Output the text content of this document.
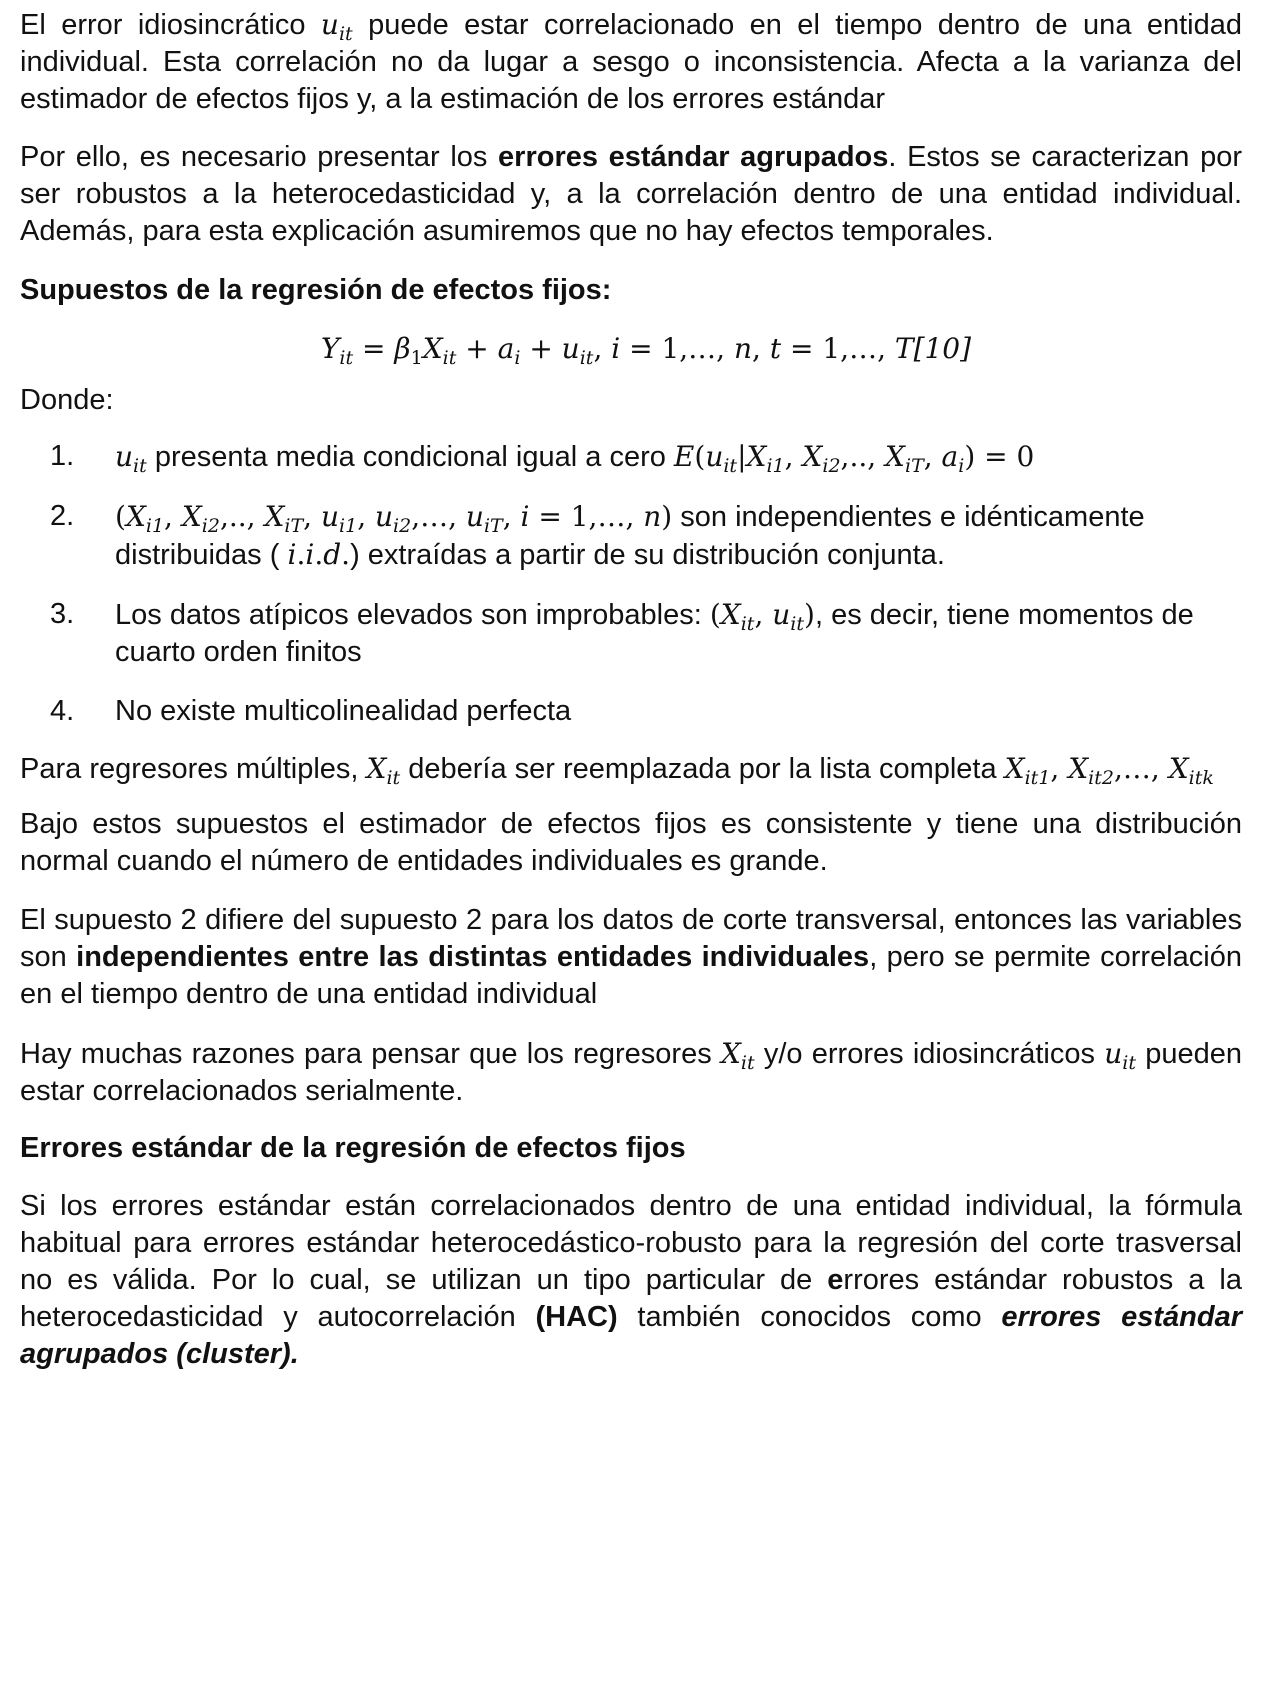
El error idiosincrático $u_{it}$ puede estar correlacionado en el tiempo dentro de una entidad individual. Esta correlación no da lugar a sesgo o inconsistencia. Afecta a la varianza del estimador de efectos fijos y, a la estimación de los errores estándar

Por ello, es necesario presentar los errores estándar agrupados. Estos se caracterizan por ser robustos a la heterocedasticidad y, a la correlación dentro de una entidad individual. Además, para esta explicación asumiremos que no hay efectos temporales.

Supuestos de la regresión de efectos fijos:

$Y_{it} = \beta_1X_{it} + a_i + u_{it}$, i = 1,…, n, t = 1,…, T[10]

Donde:

1. $u_{it}$ presenta media condicional igual a cero $E(u_{it}|X_{i1}$, $X_{i2}$,.., $X_{iT}$, $a_i) = 0$
2. ($X_{i1}$, $X_{i2}$,.., $X_{iT}$, $u_{i1}$, $u_{i2},\dots$, $u_{iT}$, i = 1,…, n) son independientes e idénticamente distribuidas ( i.i.d.) extraídas a partir de su distribución conjunta.
3. Los datos atípicos elevados son improbables: ($X_{it}$, $u_{it}$), es decir, tiene momentos de cuarto orden finitos
4. No existe multicolinealidad perfecta

Para regresores múltiples, $X_{it}$ debería ser reemplazada por la lista completa $X_{it1}$, $X_{it2},\dots$, $X_{itk}$

Bajo estos supuestos el estimador de efectos fijos es consistente y tiene una distribución normal cuando el número de entidades individuales es grande.

El supuesto 2 difiere del supuesto 2 para los datos de corte transversal, entonces las variables son independientes entre las distintas entidades individuales, pero se permite correlación en el tiempo dentro de una entidad individual

Hay muchas razones para pensar que los regresores $X_{it}$ y/o errores idiosincráticos $u_{it}$ pueden estar correlacionados serialmente.

Errores estándar de la regresión de efectos fijos

Si los errores estándar están correlacionados dentro de una entidad individual, la fórmula habitual para errores estándar heterocedástico-robusto para la regresión del corte trasversal no es válida. Por lo cual, se utilizan un tipo particular de errores estándar robustos a la heterocedasticidad y autocorrelación (HAC) también conocidos como errores estándar agrupados (cluster).
